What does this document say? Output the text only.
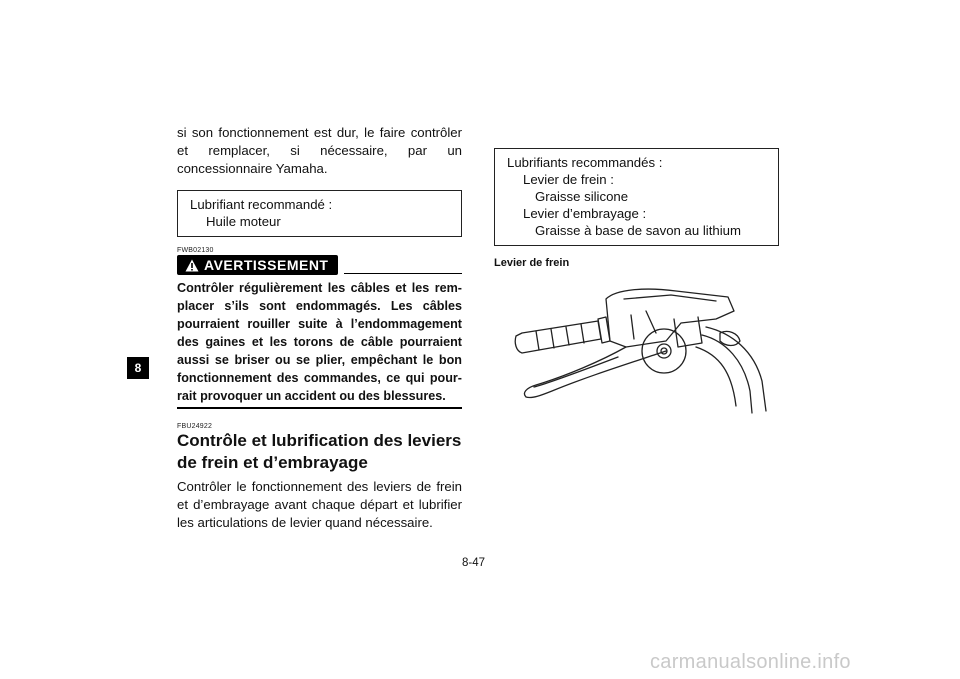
8

si son fonctionnement est dur, le faire contrôler et remplacer, si nécessaire, par un concessionnaire Yamaha.

Lubrifiant recommandé :
Huile moteur
FWB02130
AVERTISSEMENT
Contrôler régulièrement les câbles et les rem-placer s’ils sont endommagés. Les câbles pourraient rouiller suite à l’endommagement des gaines et les torons de câble pourraient aussi se briser ou se plier, empêchant le bon fonctionnement des commandes, ce qui pour-rait provoquer un accident ou des blessures.
FBU24922
Contrôle et lubrification des leviers de frein et d’embrayage

Contrôler le fonctionnement des leviers de frein et d’embrayage avant chaque départ et lubrifier les articulations de levier quand nécessaire.

Lubrifiants recommandés :
Levier de frein :
Graisse silicone
Levier d’embrayage :
Graisse à base de savon au lithium
Levier de frein
8-47
carmanualsonline.info
